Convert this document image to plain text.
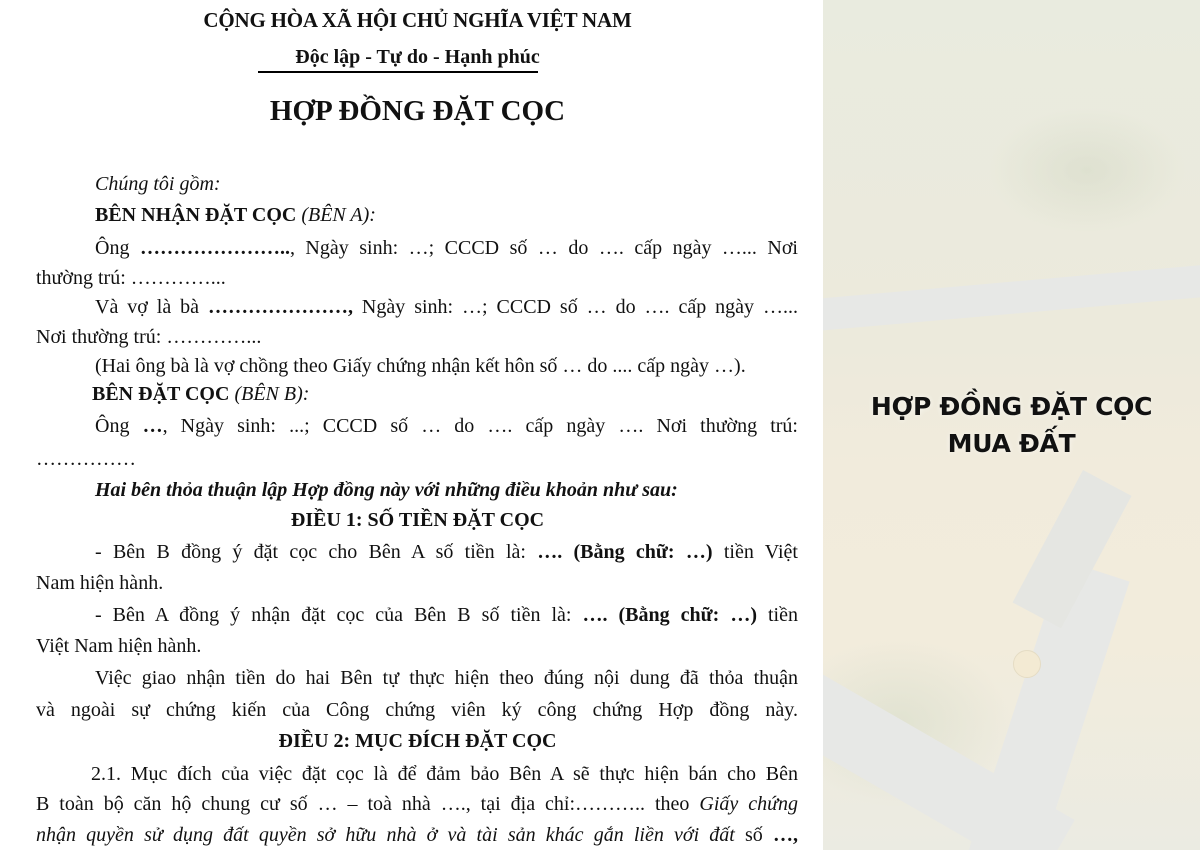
CỘNG HÒA XÃ HỘI CHỦ NGHĨA VIỆT NAM
Độc lập - Tự do - Hạnh phúc
HỢP ĐỒNG ĐẶT CỌC
Chúng tôi gồm:
BÊN NHẬN ĐẶT CỌC (BÊN A):
Ông ………………….., Ngày sinh: …; CCCD số … do …. cấp ngày …... Nơi
thường trú: …………...
Và vợ là bà …………………, Ngày sinh: …; CCCD số … do …. cấp ngày …...
Nơi thường trú: …………...
(Hai ông bà là vợ chồng theo Giấy chứng nhận kết hôn số … do .... cấp ngày …).
BÊN ĐẶT CỌC (BÊN B):
Ông …, Ngày sinh: ...; CCCD số … do …. cấp ngày …. Nơi thường trú:
……………
Hai bên thỏa thuận lập Hợp đồng này với những điều khoản như sau:
ĐIỀU 1: SỐ TIỀN ĐẶT CỌC
- Bên B đồng ý đặt cọc cho Bên A số tiền là: …. (Bằng chữ: …) tiền Việt
Nam hiện hành.
- Bên A đồng ý nhận đặt cọc của Bên B số tiền là: …. (Bằng chữ: …) tiền
Việt Nam hiện hành.
Việc giao nhận tiền do hai Bên tự thực hiện theo đúng nội dung đã thỏa thuận
và ngoài sự chứng kiến của Công chứng viên ký công chứng Hợp đồng này.
ĐIỀU 2: MỤC ĐÍCH ĐẶT CỌC
2.1. Mục đích của việc đặt cọc là để đảm bảo Bên A sẽ thực hiện bán cho Bên
B toàn bộ căn hộ chung cư số … – toà nhà …., tại địa chỉ:……….. theo Giấy chứng
nhận quyền sử dụng đất quyền sở hữu nhà ở và tài sản khác gắn liền với đất số …,
HỢP ĐỒNG ĐẶT CỌC
MUA ĐẤT
